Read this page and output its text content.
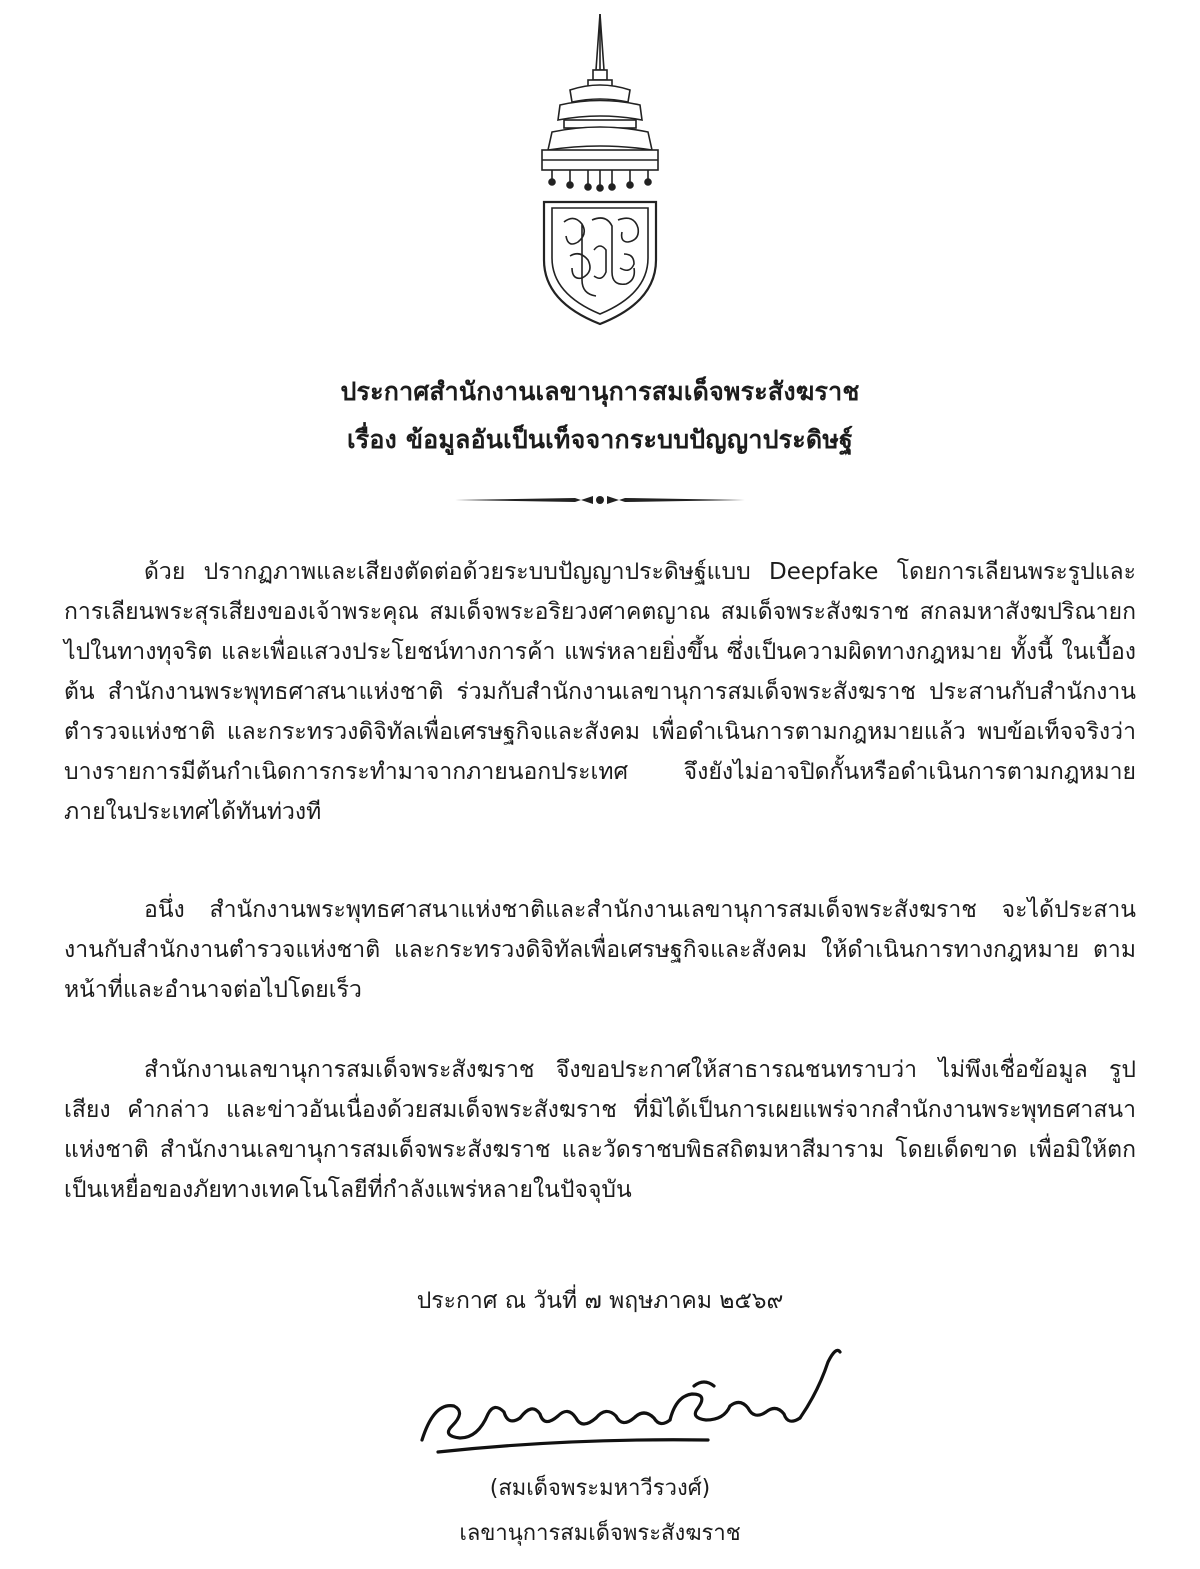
ประกาศสำนักงานเลขานุการสมเด็จพระสังฆราช
เรื่อง ข้อมูลอันเป็นเท็จจากระบบปัญญาประดิษฐ์

ด้วย ปรากฏภาพและเสียงตัดต่อด้วยระบบปัญญาประดิษฐ์แบบ Deepfake โดยการเลียนพระรูปและการเลียนพระสุรเสียงของเจ้าพระคุณ สมเด็จพระอริยวงศาคตญาณ สมเด็จพระสังฆราช สกลมหาสังฆปริณายก ไปในทางทุจริต และเพื่อแสวงประโยชน์ทางการค้า แพร่หลายยิ่งขึ้น ซึ่งเป็นความผิดทางกฎหมาย ทั้งนี้ ในเบื้องต้น สำนักงานพระพุทธศาสนาแห่งชาติ ร่วมกับสำนักงานเลขานุการสมเด็จพระสังฆราช ประสานกับสำนักงานตำรวจแห่งชาติ และกระทรวงดิจิทัลเพื่อเศรษฐกิจและสังคม เพื่อดำเนินการตามกฎหมายแล้ว พบข้อเท็จจริงว่า บางรายการมีต้นกำเนิดการกระทำมาจากภายนอกประเทศ จึงยังไม่อาจปิดกั้นหรือดำเนินการตามกฎหมายภายในประเทศได้ทันท่วงที

อนึ่ง สำนักงานพระพุทธศาสนาแห่งชาติและสำนักงานเลขานุการสมเด็จพระสังฆราช จะได้ประสานงานกับสำนักงานตำรวจแห่งชาติ และกระทรวงดิจิทัลเพื่อเศรษฐกิจและสังคม ให้ดำเนินการทางกฎหมาย ตามหน้าที่และอำนาจต่อไปโดยเร็ว

สำนักงานเลขานุการสมเด็จพระสังฆราช จึงขอประกาศให้สาธารณชนทราบว่า ไม่พึงเชื่อข้อมูล รูป เสียง คำกล่าว และข่าวอันเนื่องด้วยสมเด็จพระสังฆราช ที่มิได้เป็นการเผยแพร่จากสำนักงานพระพุทธศาสนาแห่งชาติ สำนักงานเลขานุการสมเด็จพระสังฆราช และวัดราชบพิธสถิตมหาสีมาราม โดยเด็ดขาด เพื่อมิให้ตกเป็นเหยื่อของภัยทางเทคโนโลยีที่กำลังแพร่หลายในปัจจุบัน

ประกาศ ณ วันที่ ๗ พฤษภาคม ๒๕๖๙
(สมเด็จพระมหาวีรวงศ์)
เลขานุการสมเด็จพระสังฆราช
